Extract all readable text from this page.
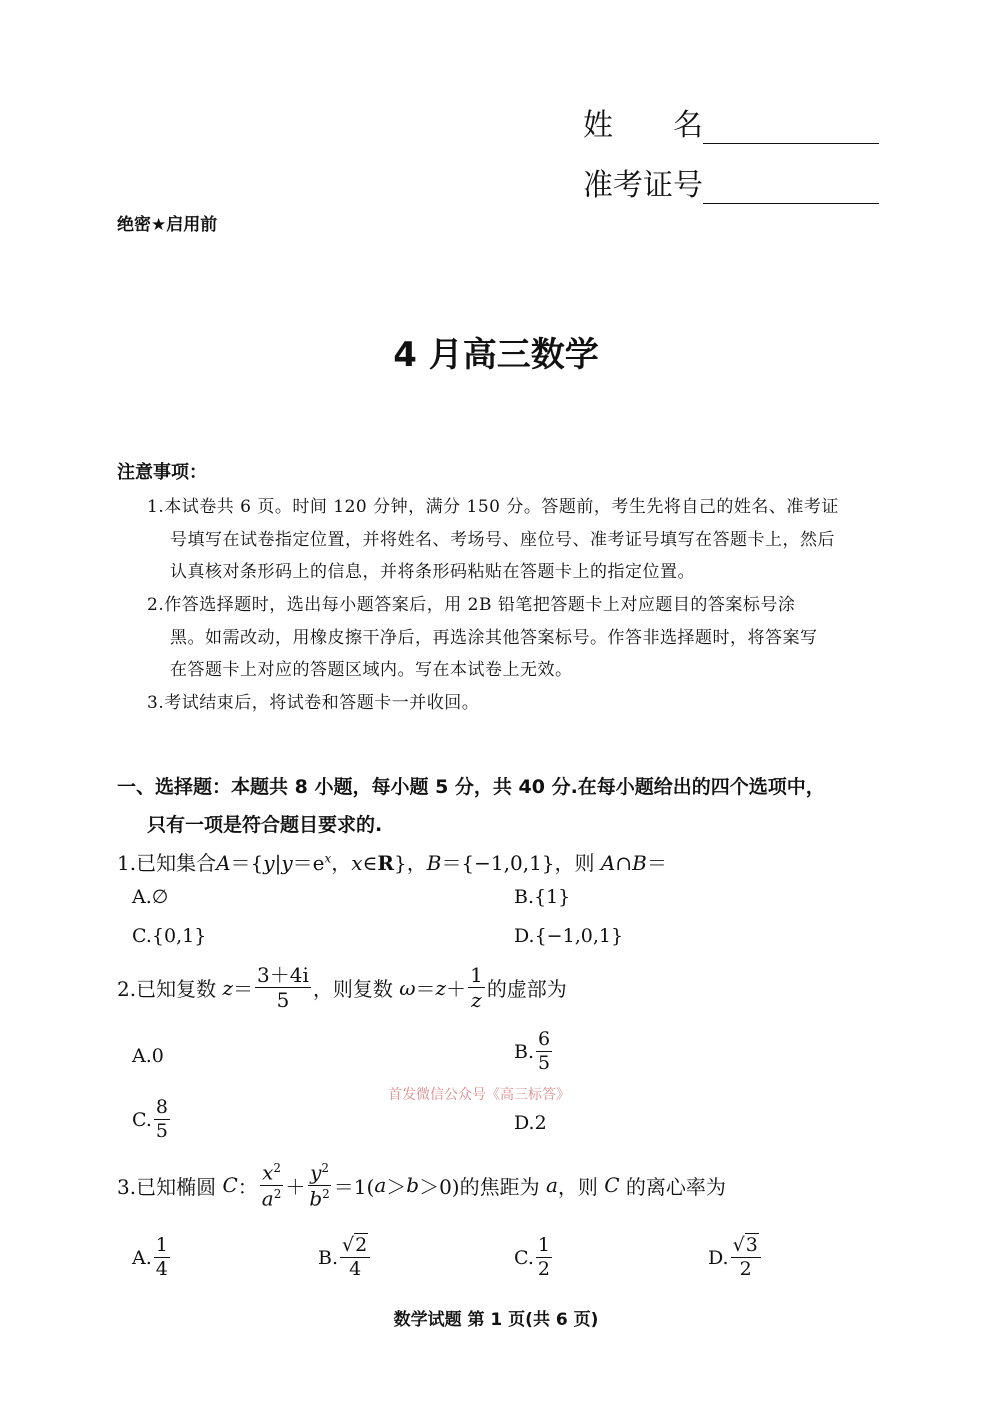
姓　　名
准考证号
绝密★启用前
4 月高三数学
注意事项：
1.本试卷共 6 页。时间 120 分钟，满分 150 分。答题前，考生先将自己的姓名、准考证
号填写在试卷指定位置，并将姓名、考场号、座位号、准考证号填写在答题卡上，然后
认真核对条形码上的信息，并将条形码粘贴在答题卡上的指定位置。
2.作答选择题时，选出每小题答案后，用 2B 铅笔把答题卡上对应题目的答案标号涂
黑。如需改动，用橡皮擦干净后，再选涂其他答案标号。作答非选择题时，将答案写
在答题卡上对应的答题区域内。写在本试卷上无效。
3.考试结束后，将试卷和答题卡一并收回。
一、选择题：本题共 8 小题，每小题 5 分，共 40 分.在每小题给出的四个选项中，
只有一项是符合题目要求的.
1.已知集合$A=\{y|y=e^x$，x∈R}，B＝{−1,0,1}，则 A∩B＝
A.∅	B.{1}
C.{0,1}	D.{−1,0,1}
2.已知复数 $z = \frac{3+4i}{5}$ ，则复数 $\omega = z + \frac{1}{z}$ 的虚部为
A.0	B. $\frac{6}{5}$
C. $\frac{8}{5}$	D.2
首发微信公众号《高三标答》
3.已知椭圆 C ： $\frac{x^2}{a^2} + \frac{y^2}{b^2} =1$( a ＞ b ＞0) 的焦距为 a ，则 C 的离心率为
A. $\frac{1}{4}$	B. $\frac{√2}{4}$	C. $\frac{1}{2}$	D. $\frac{√3}{2}$
数学试题 第 1 页(共 6 页)
